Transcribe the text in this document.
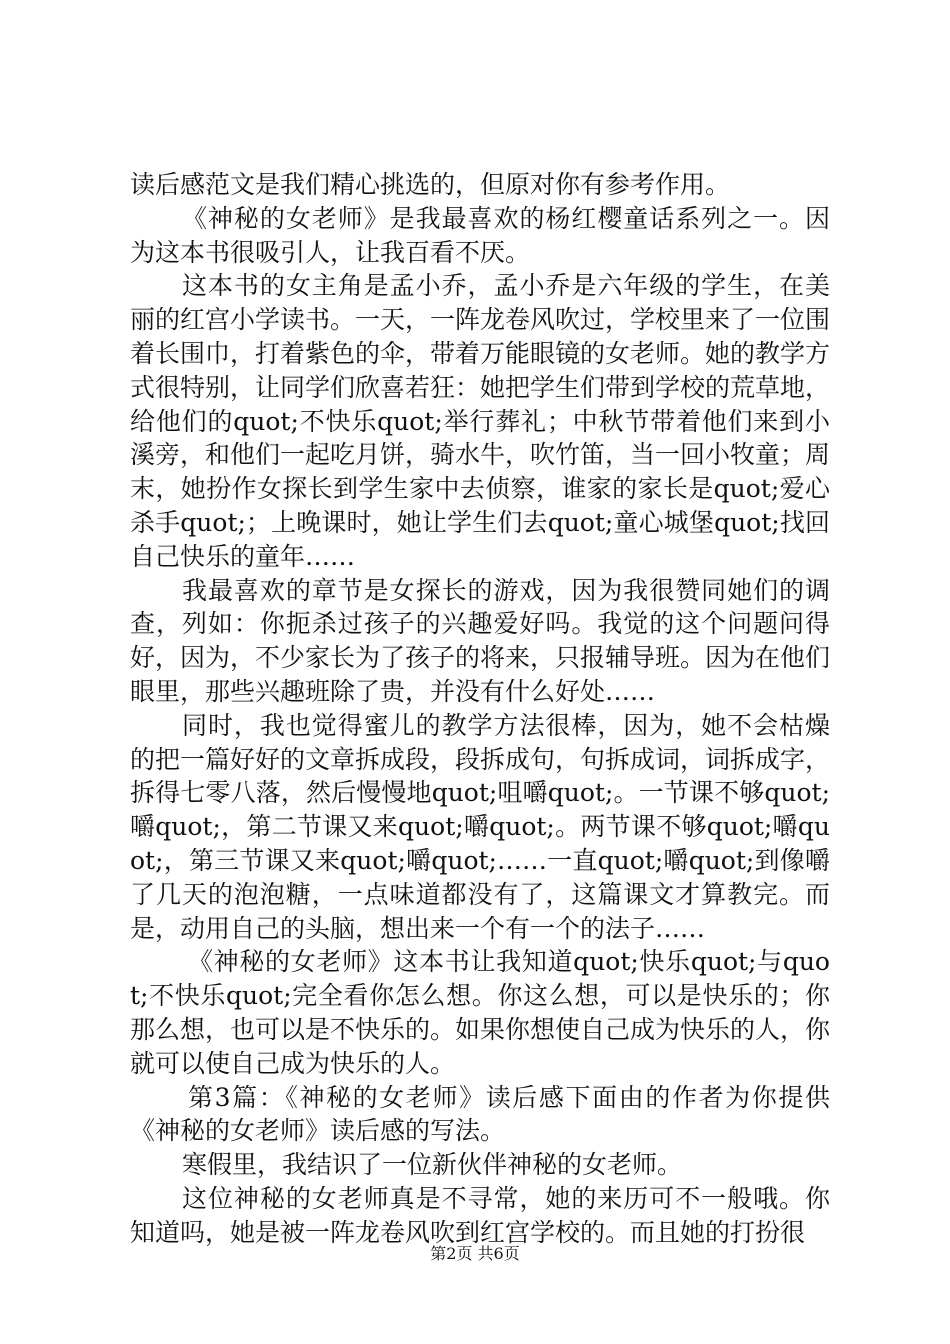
读后感范文是我们精心挑选的，但原对你有参考作用。

《神秘的女老师》是我最喜欢的杨红樱童话系列之一。因为这本书很吸引人，让我百看不厌。

这本书的女主角是孟小乔，孟小乔是六年级的学生，在美丽的红宫小学读书。一天，一阵龙卷风吹过，学校里来了一位围着长围巾，打着紫色的伞，带着万能眼镜的女老师。她的教学方式很特别，让同学们欣喜若狂：她把学生们带到学校的荒草地，给他们的quot;不快乐quot;举行葬礼；中秋节带着他们来到小溪旁，和他们一起吃月饼，骑水牛，吹竹笛，当一回小牧童；周末，她扮作女探长到学生家中去侦察，谁家的家长是quot;爱心杀手quot;；上晚课时，她让学生们去quot;童心城堡quot;找回自己快乐的童年……

我最喜欢的章节是女探长的游戏，因为我很赞同她们的调查，列如：你扼杀过孩子的兴趣爱好吗。我觉的这个问题问得好，因为，不少家长为了孩子的将来，只报辅导班。因为在他们眼里，那些兴趣班除了贵，并没有什么好处……

同时，我也觉得蜜儿的教学方法很棒，因为，她不会枯燥的把一篇好好的文章拆成段，段拆成句，句拆成词，词拆成字，拆得七零八落，然后慢慢地quot;咀嚼quot;。一节课不够quot;嚼quot;，第二节课又来quot;嚼quot;。两节课不够quot;嚼quot;，第三节课又来quot;嚼quot;……一直quot;嚼quot;到像嚼了几天的泡泡糖，一点味道都没有了，这篇课文才算教完。而是，动用自己的头脑，想出来一个有一个的法子……

《神秘的女老师》这本书让我知道quot;快乐quot;与quot;不快乐quot;完全看你怎么想。你这么想，可以是快乐的；你那么想，也可以是不快乐的。如果你想使自己成为快乐的人，你就可以使自己成为快乐的人。

第3篇：《神秘的女老师》读后感下面由的作者为你提供《神秘的女老师》读后感的写法。

寒假里，我结识了一位新伙伴神秘的女老师。

这位神秘的女老师真是不寻常，她的来历可不一般哦。你知道吗，她是被一阵龙卷风吹到红宫学校的。而且她的打扮很

第2页 共6页
